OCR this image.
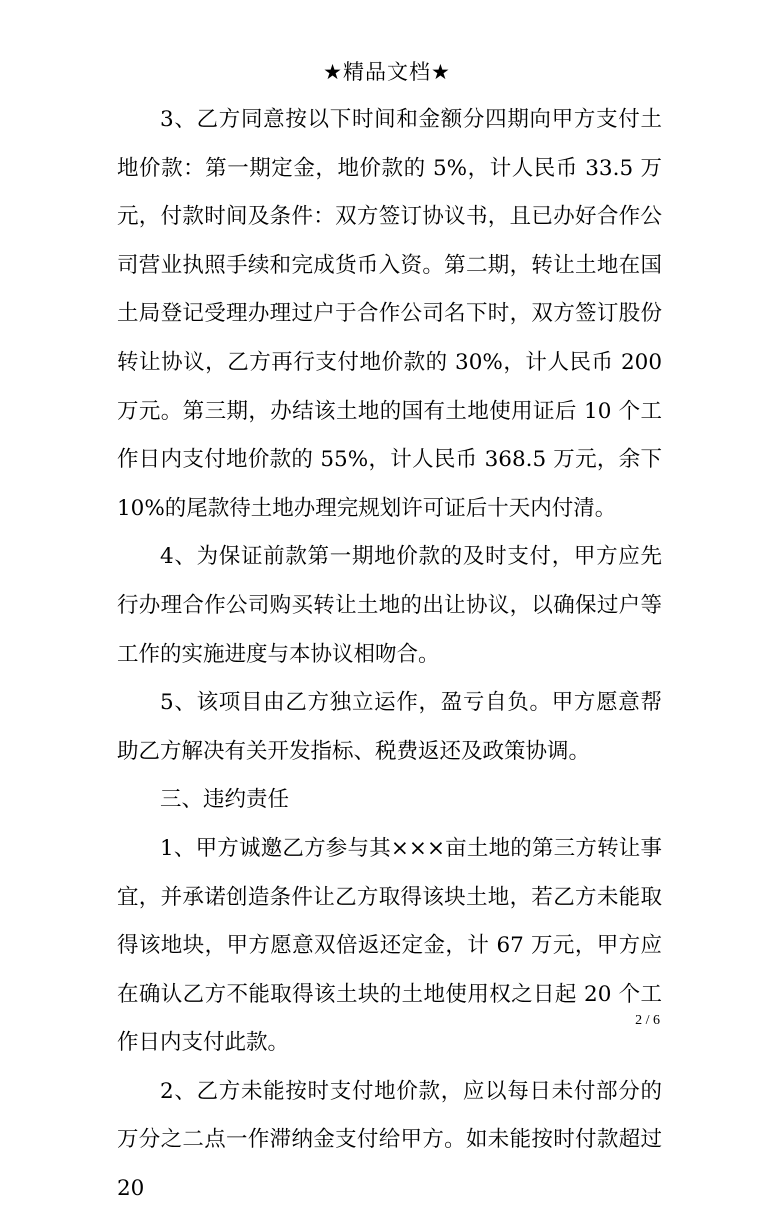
★精品文档★

3、乙方同意按以下时间和金额分四期向甲方支付土地价款：第一期定金，地价款的 5%，计人民币 33.5 万元，付款时间及条件：双方签订协议书，且已办好合作公司营业执照手续和完成货币入资。第二期，转让土地在国土局登记受理办理过户于合作公司名下时，双方签订股份转让协议，乙方再行支付地价款的 30%，计人民币 200 万元。第三期，办结该土地的国有土地使用证后 10 个工作日内支付地价款的 55%，计人民币 368.5 万元，余下 10%的尾款待土地办理完规划许可证后十天内付清。

4、为保证前款第一期地价款的及时支付，甲方应先行办理合作公司购买转让土地的出让协议，以确保过户等工作的实施进度与本协议相吻合。

5、该项目由乙方独立运作，盈亏自负。甲方愿意帮助乙方解决有关开发指标、税费返还及政策协调。

三、违约责任

1、甲方诚邀乙方参与其×××亩土地的第三方转让事宜，并承诺创造条件让乙方取得该块土地，若乙方未能取得该地块，甲方愿意双倍返还定金，计 67 万元，甲方应在确认乙方不能取得该土块的土地使用权之日起 20 个工作日内支付此款。

2、乙方未能按时支付地价款，应以每日未付部分的万分之二点一作滞纳金支付给甲方。如未能按时付款超过 20

2 / 6
